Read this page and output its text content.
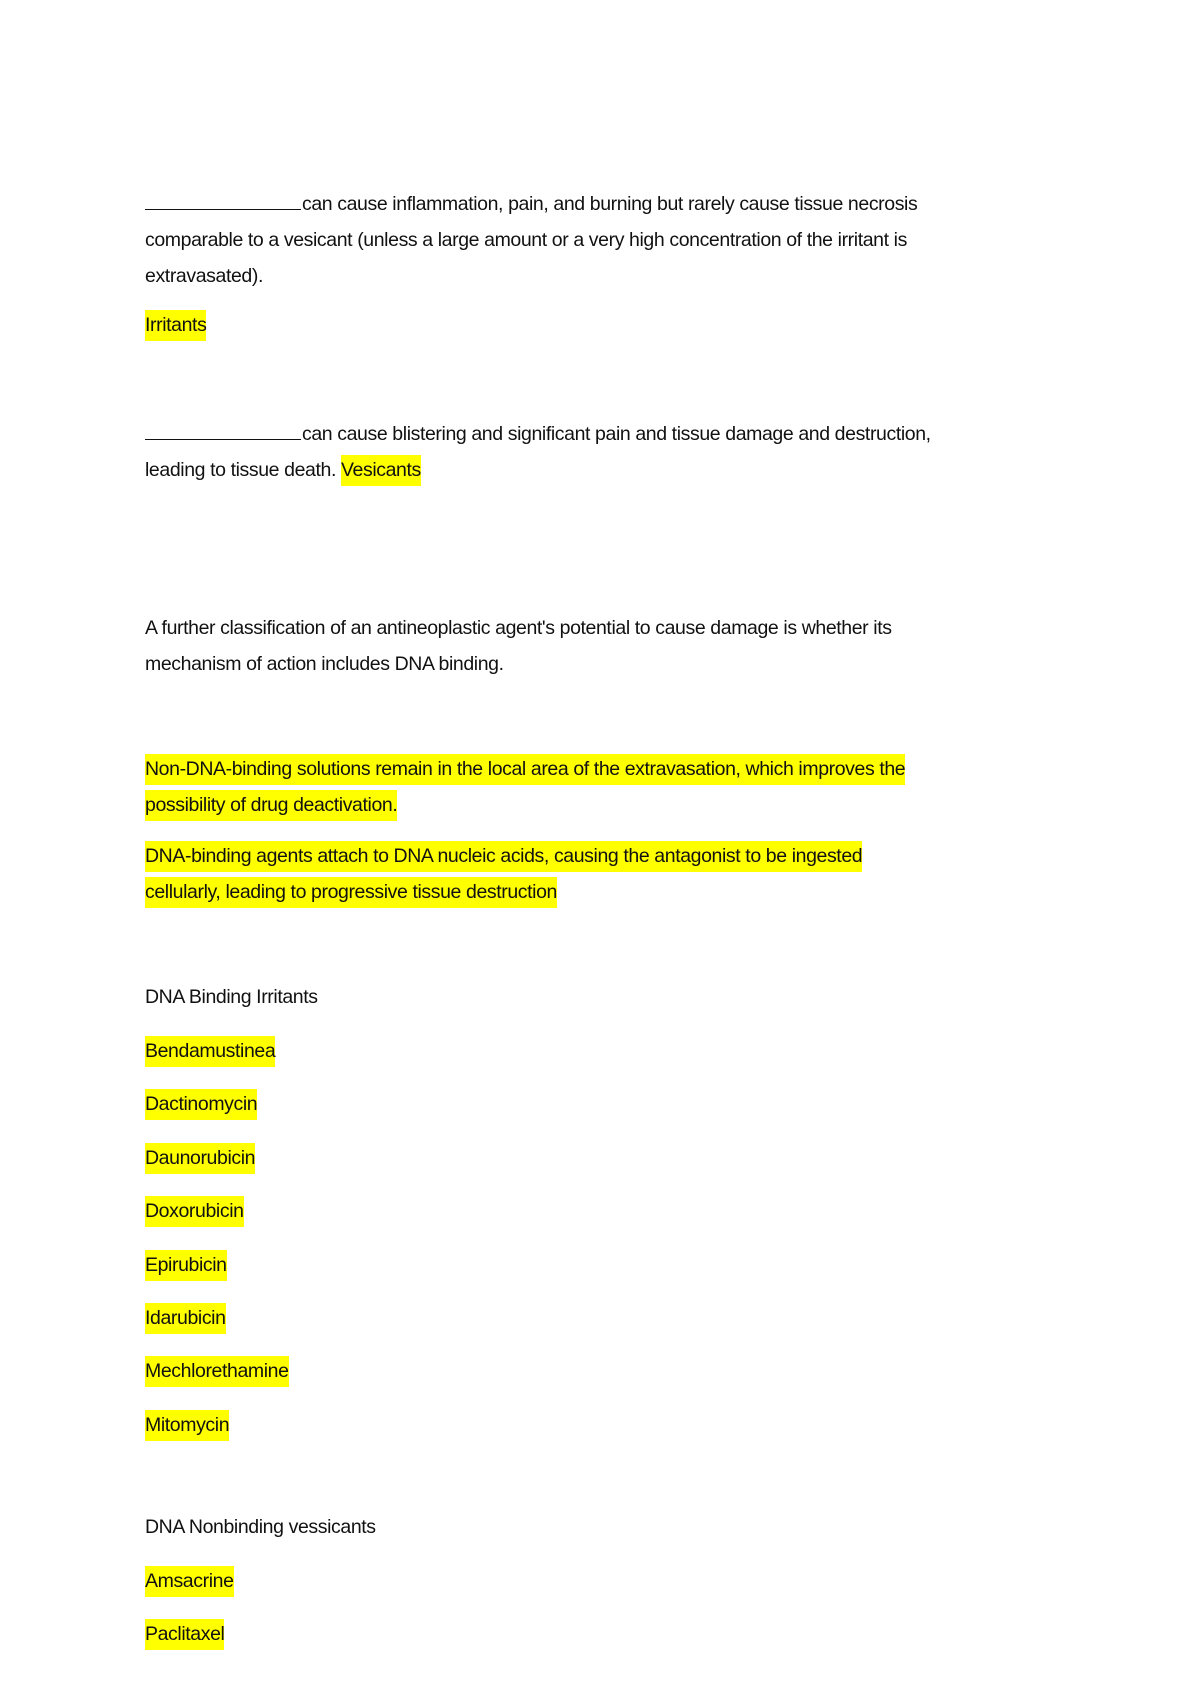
can cause inflammation, pain, and burning but rarely cause tissue necrosis
comparable to a vesicant (unless a large amount or a very high concentration of the irritant is
extravasated).

Irritants

can cause blistering and significant pain and tissue damage and destruction,
leading to tissue death. Vesicants

A further classification of an antineoplastic agent's potential to cause damage is whether its
mechanism of action includes DNA binding.

Non-DNA-binding solutions remain in the local area of the extravasation, which improves the
possibility of drug deactivation.

DNA-binding agents attach to DNA nucleic acids, causing the antagonist to be ingested
cellularly, leading to progressive tissue destruction

DNA Binding Irritants

Bendamustinea
Dactinomycin
Daunorubicin
Doxorubicin
Epirubicin
Idarubicin
Mechlorethamine
Mitomycin

DNA Nonbinding vessicants

Amsacrine
Paclitaxel
